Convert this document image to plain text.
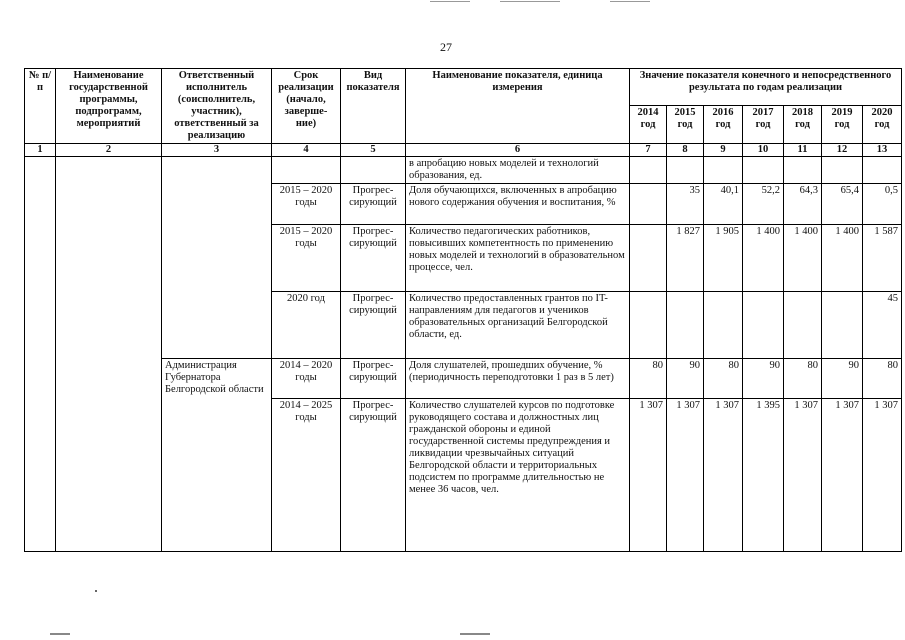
27
№ п/п	Наименование государственной программы, подпрограмм, мероприятий	Ответственный исполнитель (соисполнитель, участник), ответственный за реализацию	Срок реализации (начало, заверше-ние)	Вид показателя	Наименование показателя, единица измерения	Значение показателя конечного и непосредственного результата по годам реализации						
						2014 год	2015 год	2016 год	2017 год	2018 год	2019 год	2020 год
1	2	3	4	5	6	7	8	9	10	11	12	13
					в апробацию новых моделей и технологий образования, ед.							
			2015 – 2020 годы	Прогрес-сирующий	Доля обучающихся, включенных в апробацию нового содержания обучения и воспитания, %		35	40,1	52,2	64,3	65,4	0,5
			2015 – 2020 годы	Прогрес-сирующий	Количество педагогических работников, повысивших компетентность по применению новых моделей и технологий в образовательном процессе, чел.		1 827	1 905	1 400	1 400	1 400	1 587
			2020 год	Прогрес-сирующий	Количество предоставленных грантов по IT-направлениям для педагогов и учеников образовательных организаций Белгородской области, ед.							45
		Администрация Губернатора Белгородской области	2014 – 2020 годы	Прогрес-сирующий	Доля слушателей, прошедших обучение, % (периодичность переподготовки 1 раз в 5 лет)	80	90	80	90	80	90	80
			2014 – 2025 годы	Прогрес-сирующий	Количество слушателей курсов по подготовке руководящего состава и должностных лиц гражданской обороны и единой государственной системы предупреждения и ликвидации чрезвычайных ситуаций Белгородской области и территориальных подсистем по программе длительностью не менее 36 часов, чел.	1 307	1 307	1 307	1 395	1 307	1 307	1 307
